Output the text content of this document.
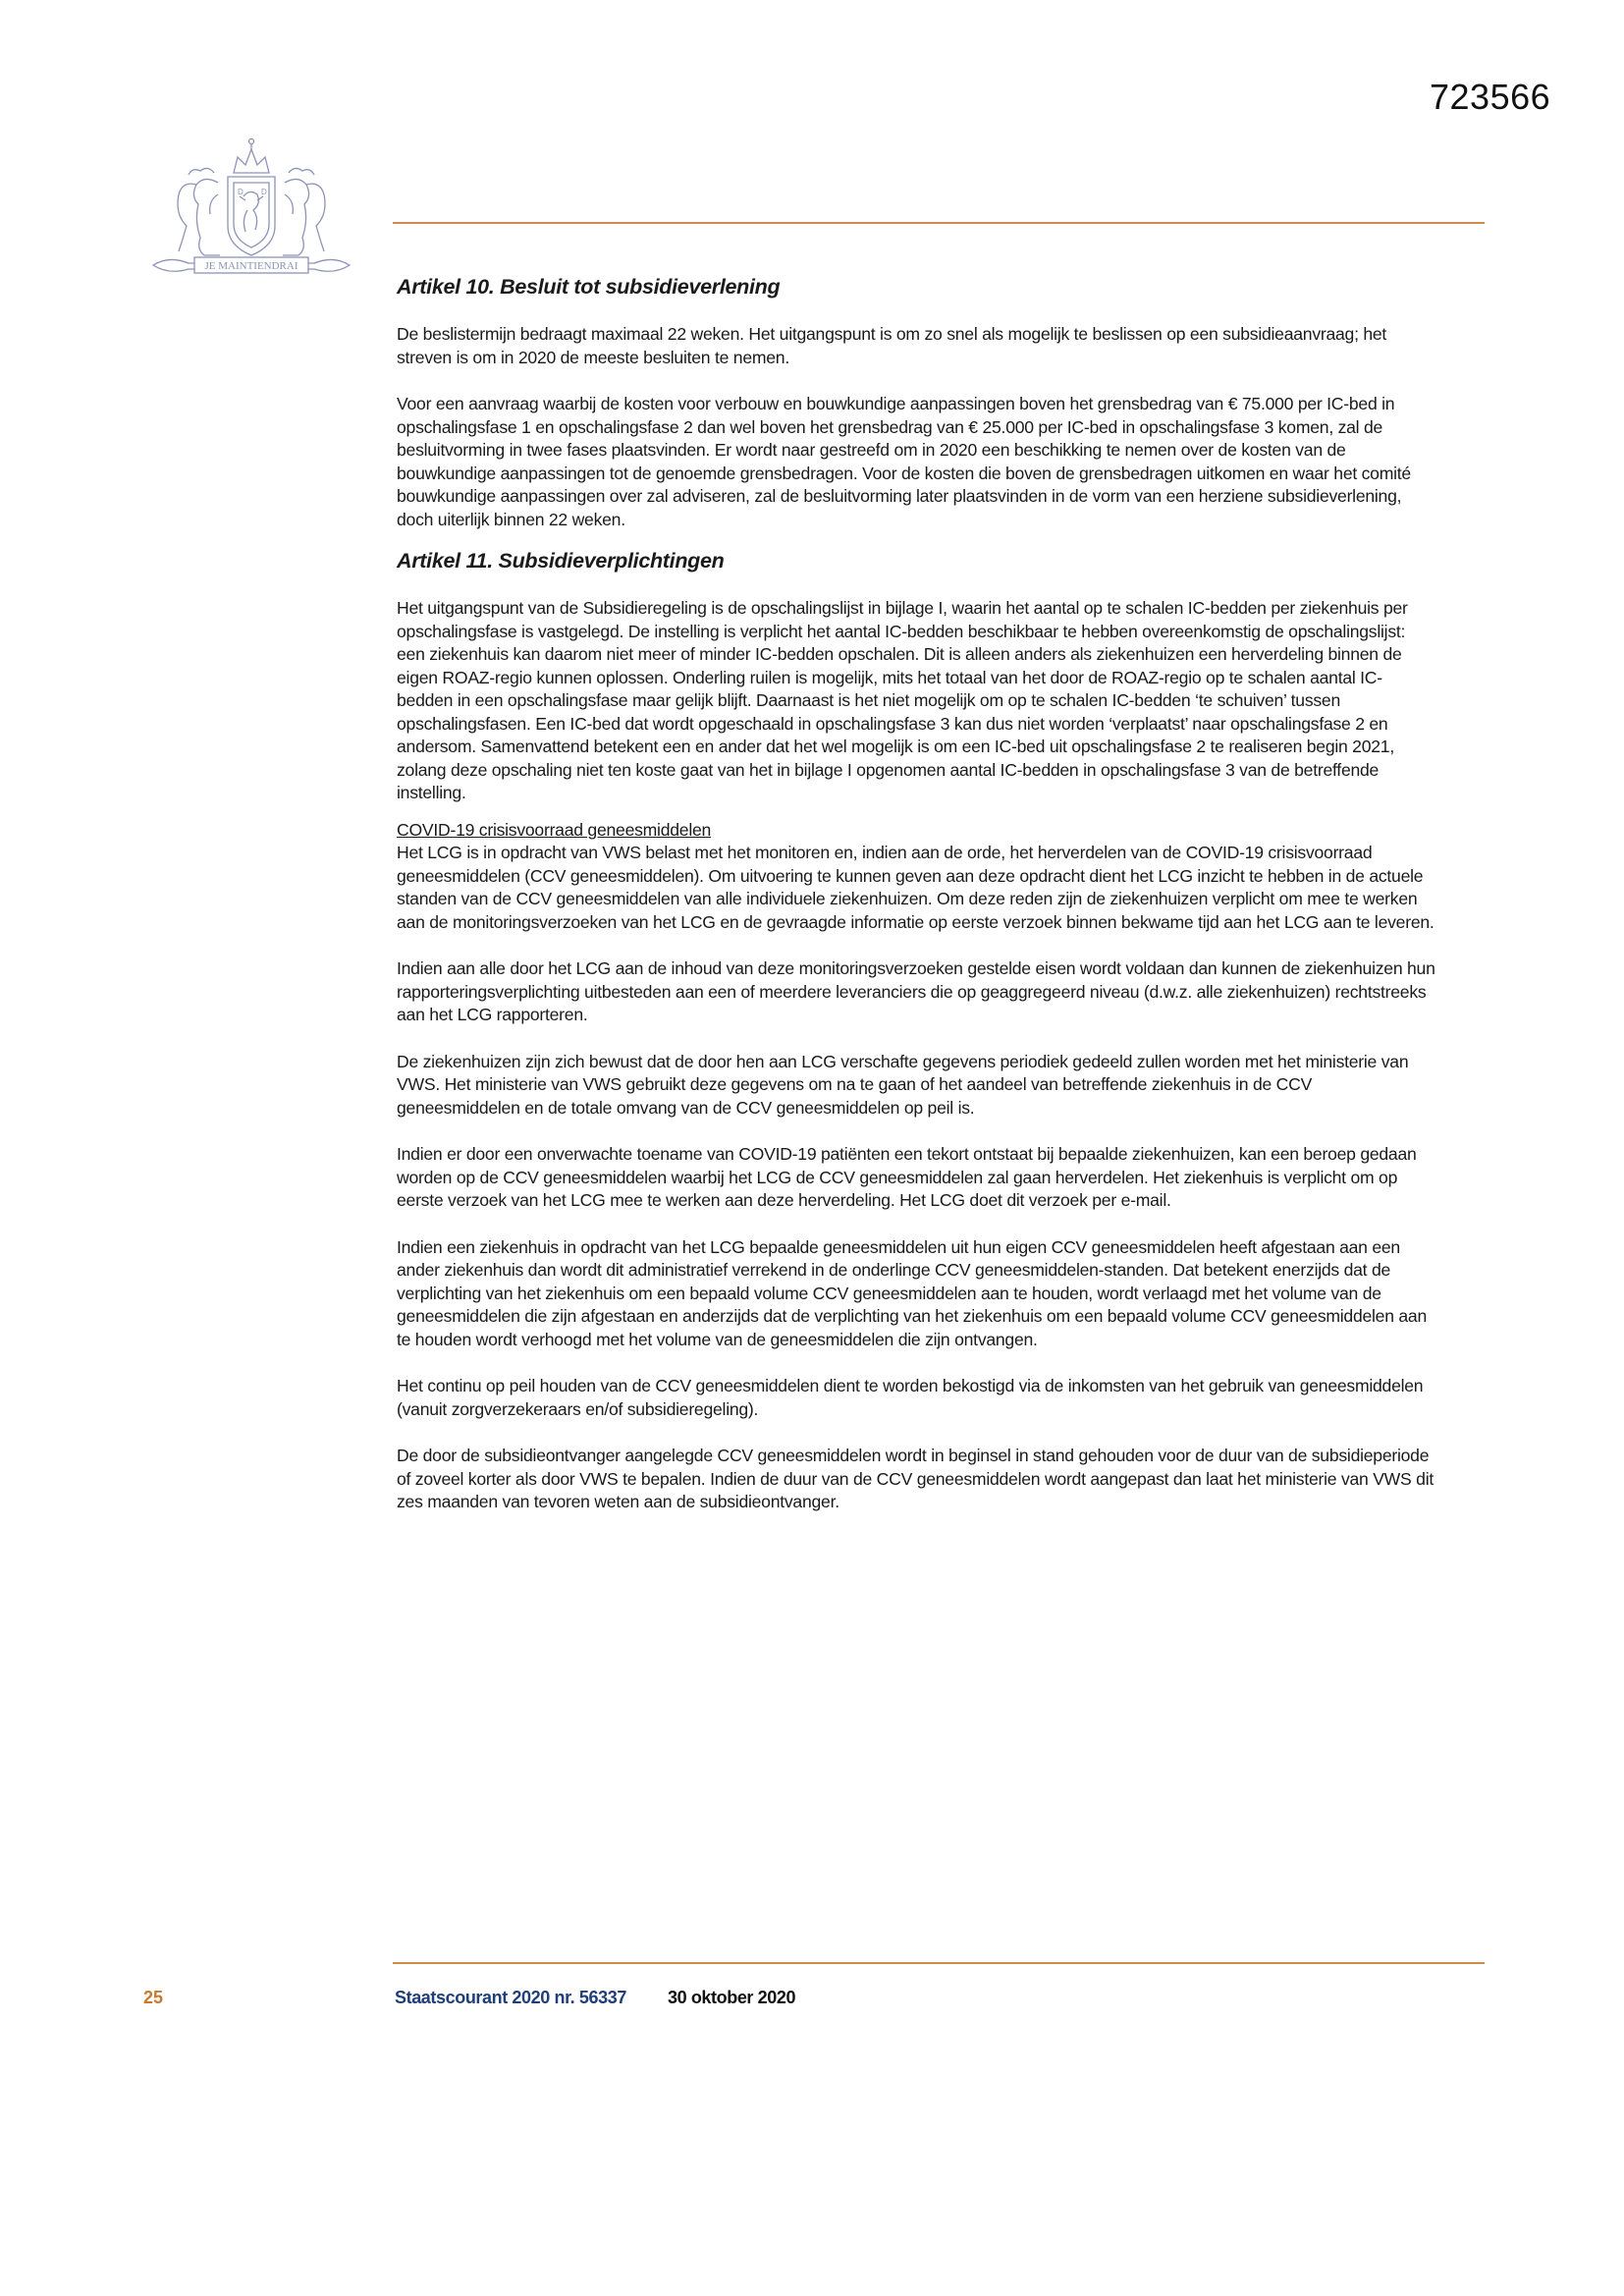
723566
D D
JE MAINTIENDRAI
Artikel 10. Besluit tot subsidieverlening

De beslistermijn bedraagt maximaal 22 weken. Het uitgangspunt is om zo snel als mogelijk te beslissen op een subsidieaanvraag; het streven is om in 2020 de meeste besluiten te nemen.

Voor een aanvraag waarbij de kosten voor verbouw en bouwkundige aanpassingen boven het grensbedrag van € 75.000 per IC-bed in opschalingsfase 1 en opschalingsfase 2 dan wel boven het grensbedrag van € 25.000 per IC-bed in opschalingsfase 3 komen, zal de besluitvorming in twee fases plaatsvinden. Er wordt naar gestreefd om in 2020 een beschikking te nemen over de kosten van de bouwkundige aanpassingen tot de genoemde grensbedragen. Voor de kosten die boven de grensbedragen uitkomen en waar het comité bouwkundige aanpassingen over zal adviseren, zal de besluitvorming later plaatsvinden in de vorm van een herziene subsidieverlening, doch uiterlijk binnen 22 weken.

Artikel 11. Subsidieverplichtingen

Het uitgangspunt van de Subsidieregeling is de opschalingslijst in bijlage I, waarin het aantal op te schalen IC-bedden per ziekenhuis per opschalingsfase is vastgelegd. De instelling is verplicht het aantal IC-bedden beschikbaar te hebben overeenkomstig de opschalingslijst: een ziekenhuis kan daarom niet meer of minder IC-bedden opschalen. Dit is alleen anders als ziekenhuizen een herverdeling binnen de eigen ROAZ-regio kunnen oplossen. Onderling ruilen is mogelijk, mits het totaal van het door de ROAZ-regio op te schalen aantal IC-bedden in een opschalingsfase maar gelijk blijft. Daarnaast is het niet mogelijk om op te schalen IC-bedden ‘te schuiven’ tussen opschalingsfasen. Een IC-bed dat wordt opgeschaald in opschalingsfase 3 kan dus niet worden ‘verplaatst’ naar opschalingsfase 2 en andersom. Samenvattend betekent een en ander dat het wel mogelijk is om een IC-bed uit opschalingsfase 2 te realiseren begin 2021, zolang deze opschaling niet ten koste gaat van het in bijlage I opgenomen aantal IC-bedden in opschalingsfase 3 van de betreffende instelling.

COVID-19 crisisvoorraad geneesmiddelen

Het LCG is in opdracht van VWS belast met het monitoren en, indien aan de orde, het herverdelen van de COVID-19 crisisvoorraad geneesmiddelen (CCV geneesmiddelen). Om uitvoering te kunnen geven aan deze opdracht dient het LCG inzicht te hebben in de actuele standen van de CCV geneesmiddelen van alle individuele ziekenhuizen. Om deze reden zijn de ziekenhuizen verplicht om mee te werken aan de monitoringsverzoeken van het LCG en de gevraagde informatie op eerste verzoek binnen bekwame tijd aan het LCG aan te leveren.

Indien aan alle door het LCG aan de inhoud van deze monitoringsverzoeken gestelde eisen wordt voldaan dan kunnen de ziekenhuizen hun rapporteringsverplichting uitbesteden aan een of meerdere leveranciers die op geaggregeerd niveau (d.w.z. alle ziekenhuizen) rechtstreeks aan het LCG rapporteren.

De ziekenhuizen zijn zich bewust dat de door hen aan LCG verschafte gegevens periodiek gedeeld zullen worden met het ministerie van VWS. Het ministerie van VWS gebruikt deze gegevens om na te gaan of het aandeel van betreffende ziekenhuis in de CCV geneesmiddelen en de totale omvang van de CCV geneesmiddelen op peil is.

Indien er door een onverwachte toename van COVID-19 patiënten een tekort ontstaat bij bepaalde ziekenhuizen, kan een beroep gedaan worden op de CCV geneesmiddelen waarbij het LCG de CCV geneesmiddelen zal gaan herverdelen. Het ziekenhuis is verplicht om op eerste verzoek van het LCG mee te werken aan deze herverdeling. Het LCG doet dit verzoek per e-mail.

Indien een ziekenhuis in opdracht van het LCG bepaalde geneesmiddelen uit hun eigen CCV geneesmiddelen heeft afgestaan aan een ander ziekenhuis dan wordt dit administratief verrekend in de onderlinge CCV geneesmiddelen-standen. Dat betekent enerzijds dat de verplichting van het ziekenhuis om een bepaald volume CCV geneesmiddelen aan te houden, wordt verlaagd met het volume van de geneesmiddelen die zijn afgestaan en anderzijds dat de verplichting van het ziekenhuis om een bepaald volume CCV geneesmiddelen aan te houden wordt verhoogd met het volume van de geneesmiddelen die zijn ontvangen.

Het continu op peil houden van de CCV geneesmiddelen dient te worden bekostigd via de inkomsten van het gebruik van geneesmiddelen (vanuit zorgverzekeraars en/of subsidieregeling).

De door de subsidieontvanger aangelegde CCV geneesmiddelen wordt in beginsel in stand gehouden voor de duur van de subsidieperiode of zoveel korter als door VWS te bepalen. Indien de duur van de CCV geneesmiddelen wordt aangepast dan laat het ministerie van VWS dit zes maanden van tevoren weten aan de subsidieontvanger.

25	Staatscourant 2020 nr. 56337 30 oktober 2020
